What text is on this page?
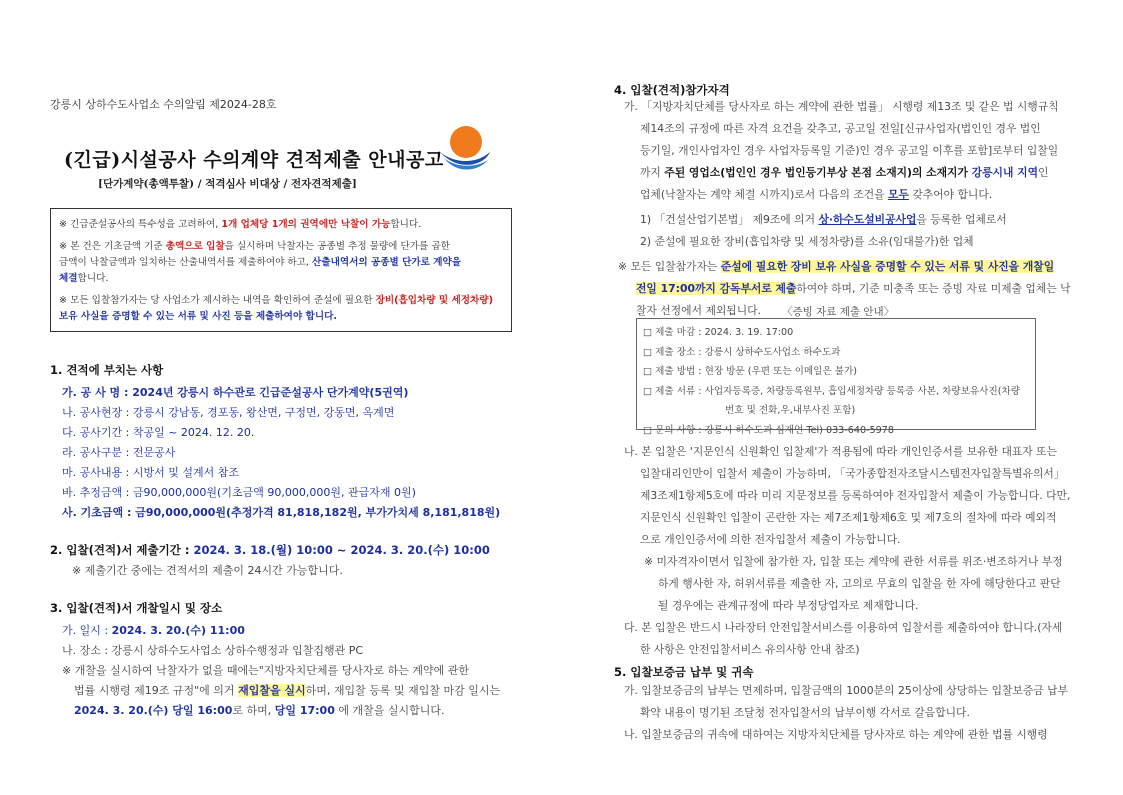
강릉시 상하수도사업소 수의알림 제2024-28호
(긴급)시설공사 수의계약 견적제출 안내공고
[단가계약(총액투찰) / 적격심사 비대상 / 전자견적제출]

※ 긴급준설공사의 특수성을 고려하여, 1개 업체당 1개의 권역에만 낙찰이 가능합니다.

※ 본 건은 기초금액 기준 총액으로 입찰을 실시하며 낙찰자는 공종별 추정 물량에 단가를 곱한
금액이 낙찰금액과 일치하는 산출내역서를 제출하여야 하고, 산출내역서의 공종별 단가로 계약을
체결합니다.

※ 모든 입찰참가자는 당 사업소가 제시하는 내역을 확인하여 준설에 필요한 장비(흡입차량 및 세정차량)
보유 사실을 증명할 수 있는 서류 및 사진 등을 제출하여야 합니다.

1. 견적에 부치는 사항
가. 공 사 명 : 2024년 강릉시 하수관로 긴급준설공사 단가계약(5권역)
나. 공사현장 : 강릉시 강남동, 경포동, 왕산면, 구정면, 강동면, 옥계면
다. 공사기간 : 착공일 ~ 2024. 12. 20.
라. 공사구분 : 전문공사
마. 공사내용 : 시방서 및 설계서 참조
바. 추정금액 : 금90,000,000원(기초금액 90,000,000원, 관급자재 0원)
사. 기초금액 : 금90,000,000원(추정가격 81,818,182원, 부가가치세 8,181,818원)
2. 입찰(견적)서 제출기간 : 2024. 3. 18.(월) 10:00 ~ 2024. 3. 20.(수) 10:00
※ 제출기간 중에는 견적서의 제출이 24시간 가능합니다.
3. 입찰(견적)서 개찰일시 및 장소
가. 일시 : 2024. 3. 20.(수) 11:00
나. 장소 : 강릉시 상하수도사업소 상하수행정과 입찰집행관 PC
※ 개찰을 실시하여 낙찰자가 없을 때에는"지방자치단체를 당사자로 하는 계약에 관한
법률 시행령 제19조 규정"에 의거 재입찰을 실시하며, 재입찰 등록 및 재입찰 마감 일시는
2024. 3. 20.(수) 당일 16:00로 하며, 당일 17:00 에 개찰을 실시합니다.
4. 입찰(견적)참가자격
가. 「지방자치단체를 당사자로 하는 계약에 관한 법률」 시행령 제13조 및 같은 법 시행규칙
제14조의 규정에 따른 자격 요건을 갖추고, 공고일 전일[신규사업자(법인인 경우 법인
등기일, 개인사업자인 경우 사업자등록일 기준)인 경우 공고일 이후를 포함]로부터 입찰일
까지 주된 영업소(법인인 경우 법인등기부상 본점 소재지)의 소재지가 강릉시내 지역인
업체(낙찰자는 계약 체결 시까지)로서 다음의 조건을 모두 갖추어야 합니다.
1) 「건설산업기본법」 제9조에 의거 상·하수도설비공사업을 등록한 업체로서
2) 준설에 필요한 장비(흡입차량 및 세정차량)를 소유(임대불가)한 업체
※ 모든 입찰참가자는 준설에 필요한 장비 보유 사실을 증명할 수 있는 서류 및 사진을 개찰일
전일 17:00까지 감독부서로 제출하여야 하며, 기준 미충족 또는 증빙 자료 미제출 업체는 낙
찰자 선정에서 제외됩니다. 〈증빙 자료 제출 안내〉
□ 제출 마감 : 2024. 3. 19. 17:00
□ 제출 장소 : 강릉시 상하수도사업소 하수도과
□ 제출 방법 : 현장 방문 (우편 또는 이메일은 불가)
□ 제출 서류 : 사업자등록증, 차량등록원부, 흡입세정차량 등록증 사본, 차량보유사진(차량
번호 및 전화,우,내부사진 포함)
□ 문의 사항 : 강릉시 하수도과 심재언 Tel) 033-640-5978
나. 본 입찰은 '지문인식 신원확인 입찰제'가 적용됨에 따라 개인인증서를 보유한 대표자 또는
입찰대리인만이 입찰서 제출이 가능하며, 「국가종합전자조달시스템전자입찰특별유의서」
제3조제1항제5호에 따라 미리 지문정보를 등록하여야 전자입찰서 제출이 가능합니다. 다만,
지문인식 신원확인 입찰이 곤란한 자는 제7조제1항제6호 및 제7호의 절차에 따라 예외적
으로 개인인증서에 의한 전자입찰서 제출이 가능합니다.
※ 미자격자이면서 입찰에 참가한 자, 입찰 또는 계약에 관한 서류를 위조·변조하거나 부정
하게 행사한 자, 허위서류를 제출한 자, 고의로 무효의 입찰을 한 자에 해당한다고 판단
될 경우에는 관계규정에 따라 부정당업자로 제재합니다.
다. 본 입찰은 반드시 나라장터 안전입찰서비스를 이용하여 입찰서를 제출하여야 합니다.(자세
한 사항은 안전입찰서비스 유의사항 안내 참조)
5. 입찰보증금 납부 및 귀속
가. 입찰보증금의 납부는 면제하며, 입찰금액의 1000분의 25이상에 상당하는 입찰보증금 납부
확약 내용이 명기된 조달청 전자입찰서의 납부이행 각서로 갈음합니다.
나. 입찰보증금의 귀속에 대하여는 지방자치단체를 당사자로 하는 계약에 관한 법률 시행령
